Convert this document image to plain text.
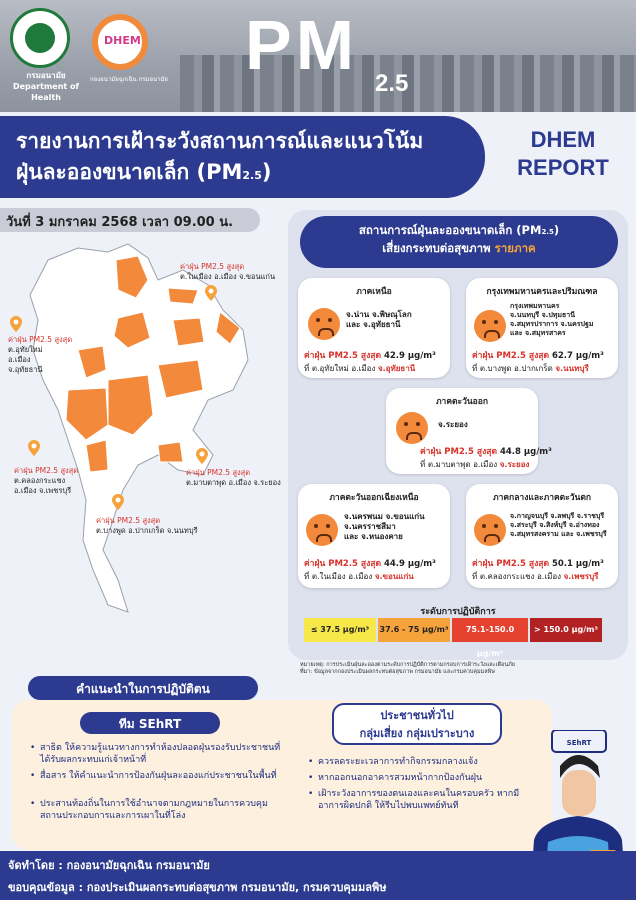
DHEM
กรมอนามัย
Department of Health
กองอนามัยฉุกเฉิน กรมอนามัย	PM 2.5
รายงานการเฝ้าระวังสถานการณ์และแนวโน้ม
ฝุ่นละอองขนาดเล็ก (PM2.5)
DHEM
REPORT
วันที่ 3 มกราคม 2568 เวลา 09.00 น.
ค่าฝุ่น PM2.5 สูงสุด
ต.ในเมือง อ.เมือง จ.ขอนแก่น
ค่าฝุ่น PM2.5 สูงสุด
ต.อุทัยใหม่
อ.เมือง
จ.อุทัยธานี
ค่าฝุ่น PM2.5 สูงสุด
ต.คลองกระแชง
อ.เมือง จ.เพชรบุรี
ค่าฝุ่น PM2.5 สูงสุด
ต.มาบตาพุด อ.เมือง จ.ระยอง
ค่าฝุ่น PM2.5 สูงสุด
ต.บางพูด อ.ปากเกร็ด จ.นนทบุรี
สถานการณ์ฝุ่นละอองขนาดเล็ก (PM2.5)
เสี่ยงกระทบต่อสุขภาพ รายภาค
ภาคเหนือ
จ.น่าน จ.พิษณุโลก
และ จ.อุทัยธานี
ค่าฝุ่น PM2.5 สูงสุด 42.9 µg/m³
ที่ ต.อุทัยใหม่ อ.เมือง จ.อุทัยธานี
กรุงเทพมหานครและปริมณฑล
กรุงเทพมหานคร
จ.นนทบุรี จ.ปทุมธานี
จ.สมุทรปราการ จ.นครปฐม
และ จ.สมุทรสาคร
ค่าฝุ่น PM2.5 สูงสุด 62.7 µg/m³
ที่ ต.บางพูด อ.ปากเกร็ด จ.นนทบุรี
ภาคตะวันออก
จ.ระยอง
ค่าฝุ่น PM2.5 สูงสุด 44.8 µg/m³
ที่ ต.มาบตาพุด อ.เมือง จ.ระยอง
ภาคตะวันออกเฉียงเหนือ
จ.นครพนม จ.ขอนแก่น
จ.นครราชสีมา
และ จ.หนองคาย
ค่าฝุ่น PM2.5 สูงสุด 44.9 µg/m³
ที่ ต.ในเมือง อ.เมือง จ.ขอนแก่น
ภาคกลางและภาคตะวันตก
จ.กาญจนบุรี จ.ลพบุรี จ.ราชบุรี
จ.สระบุรี จ.สิงห์บุรี จ.อ่างทอง
จ.สมุทรสงคราม และ จ.เพชรบุรี
ค่าฝุ่น PM2.5 สูงสุด 50.1 µg/m³
ที่ ต.คลองกระแชง อ.เมือง จ.เพชรบุรี
ระดับการปฏิบัติการ
≤ 37.5 µg/m³	37.6 - 75 µg/m³	75.1-150.0 µg/m³
> 150.0 µg/m³
หมายเหตุ: การประเมินฝุ่นละอองตามระดับการปฏิบัติการตามกรอบการเฝ้าระวังและเตือนภัย
ที่มา: ข้อมูลจากกองประเมินผลกระทบต่อสุขภาพ กรมอนามัย และกรมควบคุมมลพิษ
คำแนะนำในการปฏิบัติตน
ทีม SEhRT
• สาธิต ให้ความรู้แนวทางการทำห้องปลอดฝุ่นรองรับประชาชนที่ได้รับผลกระทบแก่เจ้าหน้าที่
• สื่อสาร ให้คำแนะนำการป้องกันฝุ่นละอองแก่ประชาชนในพื้นที่
• ประสานท้องถิ่นในการใช้อำนาจตามกฎหมายในการควบคุมสถานประกอบการและการเผาในที่โล่ง
ประชาชนทั่วไป
กลุ่มเสี่ยง กลุ่มเปราะบาง
• ควรลดระยะเวลาการทำกิจกรรมกลางแจ้ง
• หากออกนอกอาคารสวมหน้ากากป้องกันฝุ่น
• เฝ้าระวังอาการของตนเองและคนในครอบครัว หากมีอาการผิดปกติ ให้รีบไปพบแพทย์ทันที
SEhRT
จัดทำโดย : กองอนามัยฉุกเฉิน กรมอนามัย
ขอบคุณข้อมูล : กองประเมินผลกระทบต่อสุขภาพ กรมอนามัย, กรมควบคุมมลพิษ
